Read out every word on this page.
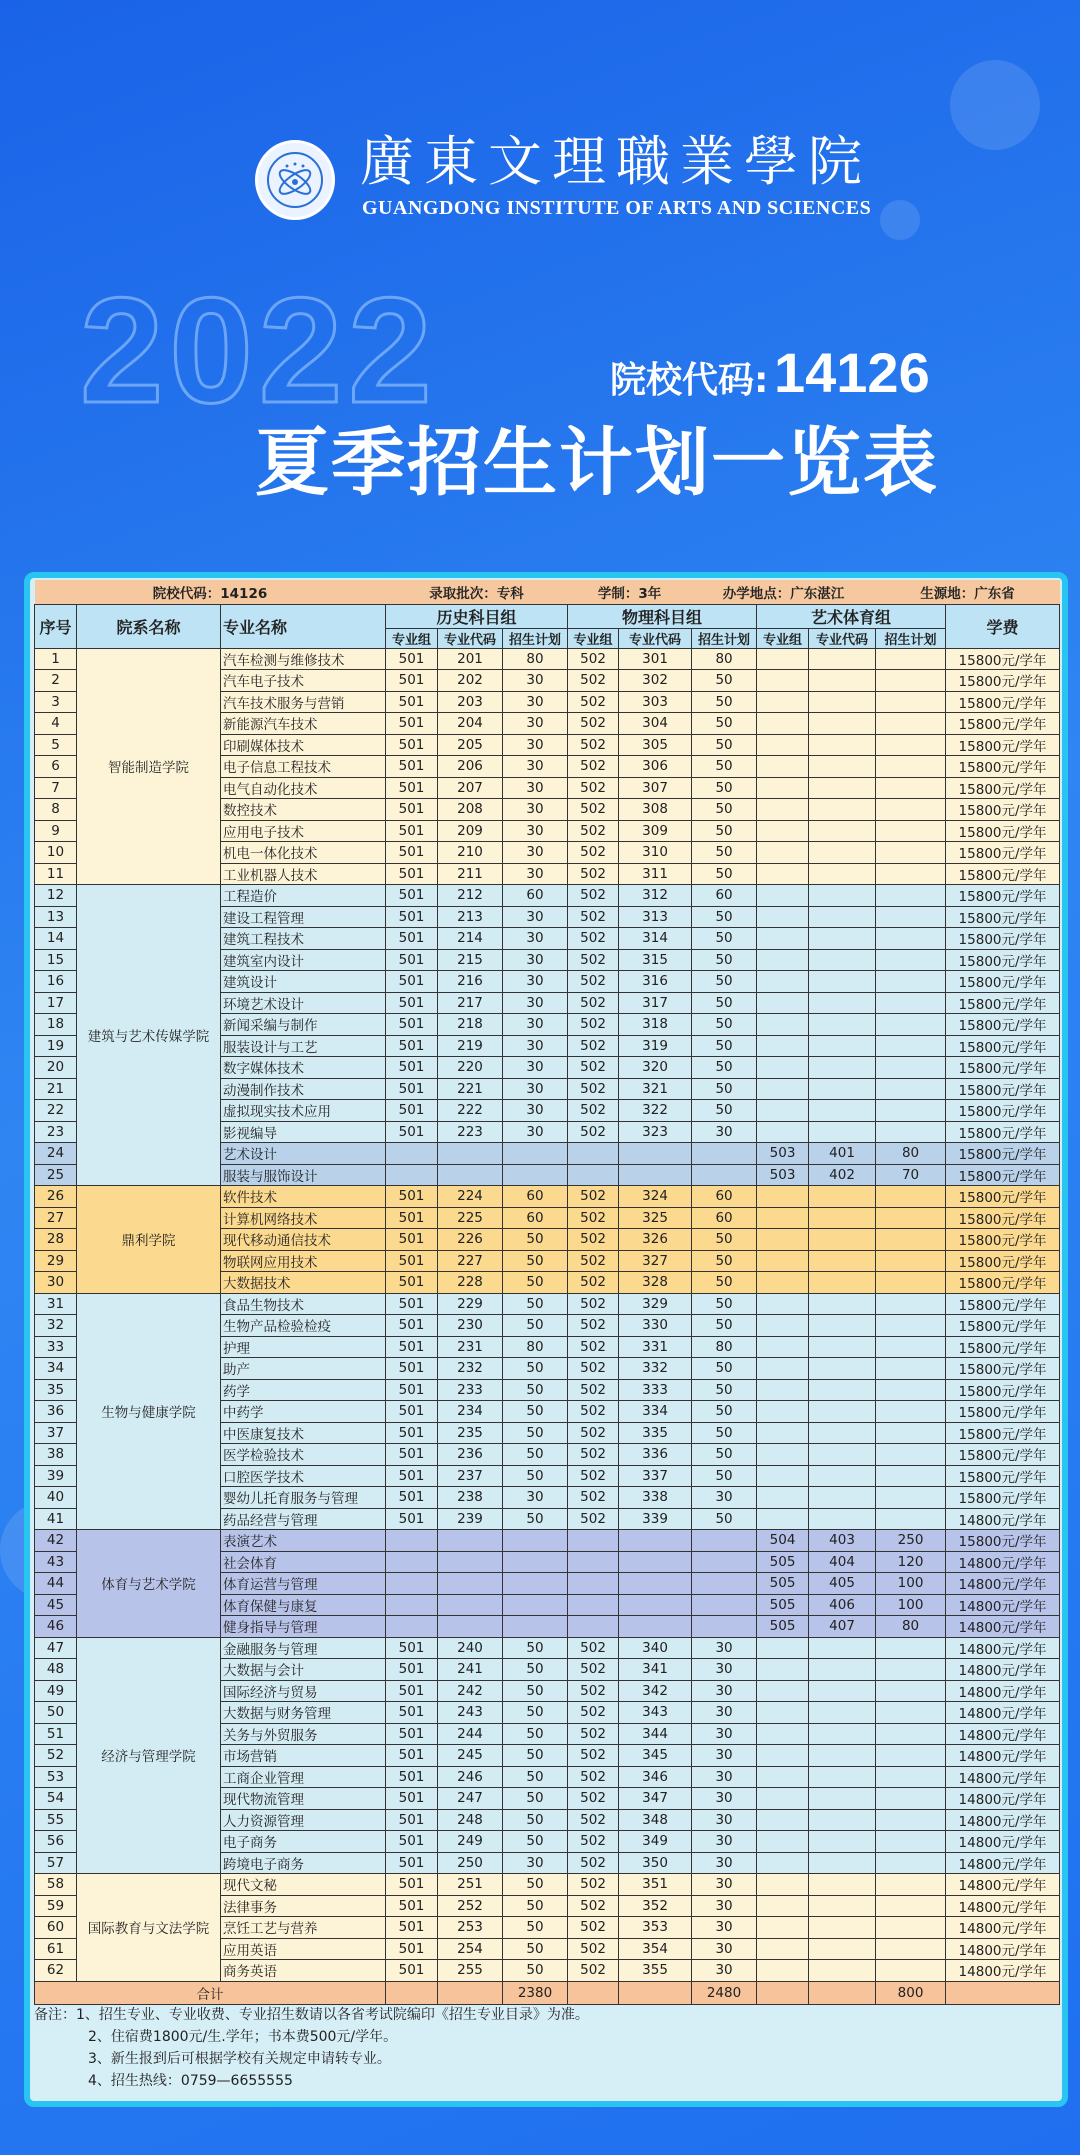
廣東文理職業學院
GUANGDONG INSTITUTE OF ARTS AND SCIENCES
2022	院校代码: 14126
夏季招生计划一览表
院校代码：14126			录取批次：专科			学制：3年		办学地点：广东湛江			生源地：广东省	
序号	院系名称	专业名称	历史科目组			物理科目组			艺术体育组			学费
			专业组	专业代码	招生计划	专业组	专业代码	招生计划	专业组	专业代码	招生计划	
1	智能制造学院	汽车检测与维修技术	501	201	80	502	301	80				15800元/学年
2		汽车电子技术	501	202	30	502	302	50				15800元/学年
3		汽车技术服务与营销	501	203	30	502	303	50				15800元/学年
4		新能源汽车技术	501	204	30	502	304	50				15800元/学年
5		印刷媒体技术	501	205	30	502	305	50				15800元/学年
6		电子信息工程技术	501	206	30	502	306	50				15800元/学年
7		电气自动化技术	501	207	30	502	307	50				15800元/学年
8		数控技术	501	208	30	502	308	50				15800元/学年
9		应用电子技术	501	209	30	502	309	50				15800元/学年
10		机电一体化技术	501	210	30	502	310	50				15800元/学年
11		工业机器人技术	501	211	30	502	311	50				15800元/学年
12	建筑与艺术传媒学院	工程造价	501	212	60	502	312	60				15800元/学年
13		建设工程管理	501	213	30	502	313	50				15800元/学年
14		建筑工程技术	501	214	30	502	314	50				15800元/学年
15		建筑室内设计	501	215	30	502	315	50				15800元/学年
16		建筑设计	501	216	30	502	316	50				15800元/学年
17		环境艺术设计	501	217	30	502	317	50				15800元/学年
18		新闻采编与制作	501	218	30	502	318	50				15800元/学年
19		服装设计与工艺	501	219	30	502	319	50				15800元/学年
20		数字媒体技术	501	220	30	502	320	50				15800元/学年
21		动漫制作技术	501	221	30	502	321	50				15800元/学年
22		虚拟现实技术应用	501	222	30	502	322	50				15800元/学年
23		影视编导	501	223	30	502	323	30				15800元/学年
24		艺术设计							503	401	80	15800元/学年
25		服装与服饰设计							503	402	70	15800元/学年
26	鼎利学院	软件技术	501	224	60	502	324	60				15800元/学年
27		计算机网络技术	501	225	60	502	325	60				15800元/学年
28		现代移动通信技术	501	226	50	502	326	50				15800元/学年
29		物联网应用技术	501	227	50	502	327	50				15800元/学年
30		大数据技术	501	228	50	502	328	50				15800元/学年
31	生物与健康学院	食品生物技术	501	229	50	502	329	50				15800元/学年
32		生物产品检验检疫	501	230	50	502	330	50				15800元/学年
33		护理	501	231	80	502	331	80				15800元/学年
34		助产	501	232	50	502	332	50				15800元/学年
35		药学	501	233	50	502	333	50				15800元/学年
36		中药学	501	234	50	502	334	50				15800元/学年
37		中医康复技术	501	235	50	502	335	50				15800元/学年
38		医学检验技术	501	236	50	502	336	50				15800元/学年
39		口腔医学技术	501	237	50	502	337	50				15800元/学年
40		婴幼儿托育服务与管理	501	238	30	502	338	30				15800元/学年
41		药品经营与管理	501	239	50	502	339	50				14800元/学年
42	体育与艺术学院	表演艺术							504	403	250	15800元/学年
43		社会体育							505	404	120	14800元/学年
44		体育运营与管理							505	405	100	14800元/学年
45		体育保健与康复							505	406	100	14800元/学年
46		健身指导与管理							505	407	80	14800元/学年
47	经济与管理学院	金融服务与管理	501	240	50	502	340	30				14800元/学年
48		大数据与会计	501	241	50	502	341	30				14800元/学年
49		国际经济与贸易	501	242	50	502	342	30				14800元/学年
50		大数据与财务管理	501	243	50	502	343	30				14800元/学年
51		关务与外贸服务	501	244	50	502	344	30				14800元/学年
52		市场营销	501	245	50	502	345	30				14800元/学年
53		工商企业管理	501	246	50	502	346	30				14800元/学年
54		现代物流管理	501	247	50	502	347	30				14800元/学年
55		人力资源管理	501	248	50	502	348	30				14800元/学年
56		电子商务	501	249	50	502	349	30				14800元/学年
57		跨境电子商务	501	250	30	502	350	30				14800元/学年
58	国际教育与文法学院	现代文秘	501	251	50	502	351	30				14800元/学年
59		法律事务	501	252	50	502	352	30				14800元/学年
60		烹饪工艺与营养	501	253	50	502	353	30				14800元/学年
61		应用英语	501	254	50	502	354	30				14800元/学年
62		商务英语	501	255	50	502	355	30				14800元/学年
合计					2380			2480			800	
备注：1、招生专业、专业收费、专业招生数请以各省考试院编印《招生专业目录》为准。
2、住宿费1800元/生.学年；书本费500元/学年。
3、新生报到后可根据学校有关规定申请转专业。
4、招生热线：0759—6655555
